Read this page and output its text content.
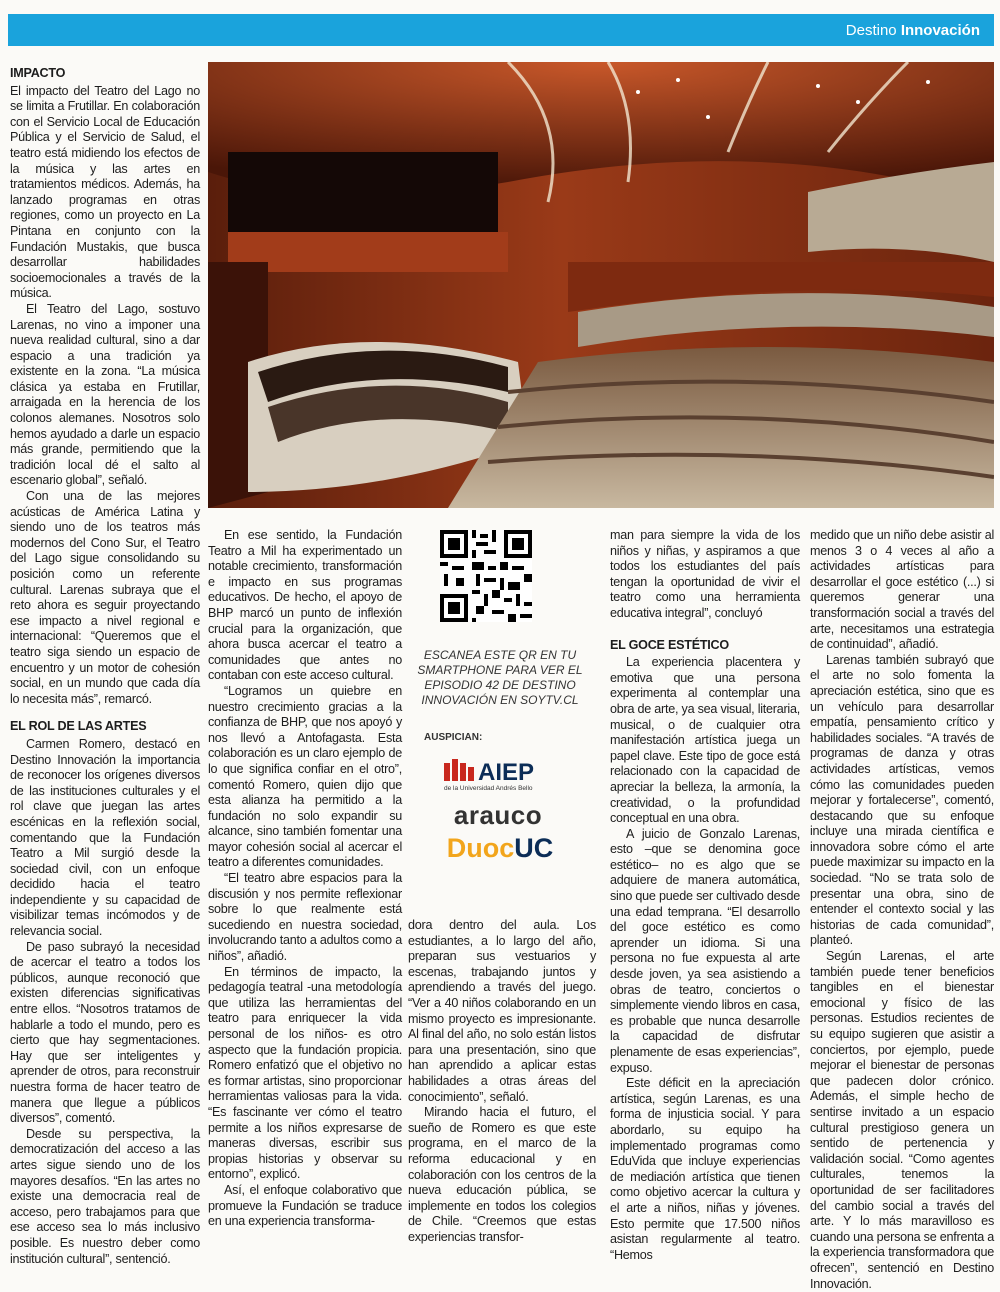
Destino Innovación
IMPACTO

El impacto del Teatro del Lago no se limita a Frutillar. En colaboración con el Servicio Local de Educación Pública y el Servicio de Salud, el teatro está midiendo los efectos de la música y las artes en tratamientos médicos. Además, ha lanzado programas en otras regiones, como un proyecto en La Pintana en conjunto con la Fundación Mustakis, que busca desarrollar habilidades socioemocionales a través de la música.

El Teatro del Lago, sostuvo Larenas, no vino a imponer una nueva realidad cultural, sino a dar espacio a una tradición ya existente en la zona. “La música clásica ya estaba en Frutillar, arraigada en la herencia de los colonos alemanes. Nosotros solo hemos ayudado a darle un espacio más grande, permitiendo que la tradición local dé el salto al escenario global”, señaló.

Con una de las mejores acústicas de América Latina y siendo uno de los teatros más modernos del Cono Sur, el Teatro del Lago sigue consolidando su posición como un referente cultural. Larenas subraya que el reto ahora es seguir proyectando ese impacto a nivel regional e internacional: “Queremos que el teatro siga siendo un espacio de encuentro y un motor de cohesión social, en un mundo que cada día lo necesita más”, remarcó.

EL ROL DE LAS ARTES

Carmen Romero, destacó en Destino Innovación la importancia de reconocer los orígenes diversos de las instituciones culturales y el rol clave que juegan las artes escénicas en la reflexión social, comentando que la Fundación Teatro a Mil surgió desde la sociedad civil, con un enfoque decidido hacia el teatro independiente y su capacidad de visibilizar temas incómodos y de relevancia social.

De paso subrayó la necesidad de acercar el teatro a todos los públicos, aunque reconoció que existen diferencias significativas entre ellos. “Nosotros tratamos de hablarle a todo el mundo, pero es cierto que hay segmentaciones. Hay que ser inteligentes y aprender de otros, para reconstruir nuestra forma de hacer teatro de manera que llegue a públicos diversos”, comentó.

Desde su perspectiva, la democratización del acceso a las artes sigue siendo uno de los mayores desafíos. “En las artes no existe una democracia real de acceso, pero trabajamos para que ese acceso sea lo más inclusivo posible. Es nuestro deber como institución cultural”, sentenció.

En ese sentido, la Fundación Teatro a Mil ha experimentado un notable crecimiento, transformación e impacto en sus programas educativos. De hecho, el apoyo de BHP marcó un punto de inflexión crucial para la organización, que ahora busca acercar el teatro a comunidades que antes no contaban con este acceso cultural.

“Logramos un quiebre en nuestro crecimiento gracias a la confianza de BHP, que nos apoyó y nos llevó a Antofagasta. Esta colaboración es un claro ejemplo de lo que significa confiar en el otro”, comentó Romero, quien dijo que esta alianza ha permitido a la fundación no solo expandir su alcance, sino también fomentar una mayor cohesión social al acercar el teatro a diferentes comunidades.

“El teatro abre espacios para la discusión y nos permite reflexionar sobre lo que realmente está sucediendo en nuestra sociedad, involucrando tanto a adultos como a niños”, añadió.

En términos de impacto, la pedagogía teatral -una metodología que utiliza las herramientas del teatro para enriquecer la vida personal de los niños- es otro aspecto que la fundación propicia. Romero enfatizó que el objetivo no es formar artistas, sino proporcionar herramientas valiosas para la vida. “Es fascinante ver cómo el teatro permite a los niños expresarse de maneras diversas, escribir sus propias historias y observar su entorno”, explicó.

Así, el enfoque colaborativo que promueve la Fundación se traduce en una experiencia transforma-

ESCANEA ESTE QR EN TU SMARTPHONE PARA VER EL EPISODIO 42 DE DESTINO INNOVACIÓN EN SOYTV.CL
AUSPICIAN:
AIEP
de la Universidad Andrés Bello
arauco
DuocUC

dora dentro del aula. Los estudiantes, a lo largo del año, preparan sus vestuarios y escenas, trabajando juntos y aprendiendo a través del juego. “Ver a 40 niños colaborando en un mismo proyecto es impresionante. Al final del año, no solo están listos para una presentación, sino que han aprendido a aplicar estas habilidades a otras áreas del conocimiento”, señaló.

Mirando hacia el futuro, el sueño de Romero es que este programa, en el marco de la reforma educacional y en colaboración con los centros de la nueva educación pública, se implemente en todos los colegios de Chile. “Creemos que estas experiencias transfor-

man para siempre la vida de los niños y niñas, y aspiramos a que todos los estudiantes del país tengan la oportunidad de vivir el teatro como una herramienta educativa integral”, concluyó

EL GOCE ESTÉTICO

La experiencia placentera y emotiva que una persona experimenta al contemplar una obra de arte, ya sea visual, literaria, musical, o de cualquier otra manifestación artística juega un papel clave. Este tipo de goce está relacionado con la capacidad de apreciar la belleza, la armonía, la creatividad, o la profundidad conceptual en una obra.

A juicio de Gonzalo Larenas, esto –que se denomina goce estético– no es algo que se adquiere de manera automática, sino que puede ser cultivado desde una edad temprana. “El desarrollo del goce estético es como aprender un idioma. Si una persona no fue expuesta al arte desde joven, ya sea asistiendo a obras de teatro, conciertos o simplemente viendo libros en casa, es probable que nunca desarrolle la capacidad de disfrutar plenamente de esas experiencias”, expuso.

Este déficit en la apreciación artística, según Larenas, es una forma de injusticia social. Y para abordarlo, su equipo ha implementado programas como EduVida que incluye experiencias de mediación artística que tienen como objetivo acercar la cultura y el arte a niños, niñas y jóvenes. Esto permite que 17.500 niños asistan regularmente al teatro. “Hemos

medido que un niño debe asistir al menos 3 o 4 veces al año a actividades artísticas para desarrollar el goce estético (...) si queremos generar una transformación social a través del arte, necesitamos una estrategia de continuidad”, añadió.

Larenas también subrayó que el arte no solo fomenta la apreciación estética, sino que es un vehículo para desarrollar empatía, pensamiento crítico y habilidades sociales. “A través de programas de danza y otras actividades artísticas, vemos cómo las comunidades pueden mejorar y fortalecerse”, comentó, destacando que su enfoque incluye una mirada científica e innovadora sobre cómo el arte puede maximizar su impacto en la sociedad. “No se trata solo de presentar una obra, sino de entender el contexto social y las historias de cada comunidad”, planteó.

Según Larenas, el arte también puede tener beneficios tangibles en el bienestar emocional y físico de las personas. Estudios recientes de su equipo sugieren que asistir a conciertos, por ejemplo, puede mejorar el bienestar de personas que padecen dolor crónico. Además, el simple hecho de sentirse invitado a un espacio cultural prestigioso genera un sentido de pertenencia y validación social. “Como agentes culturales, tenemos la oportunidad de ser facilitadores del cambio social a través del arte. Y lo más maravilloso es cuando una persona se enfrenta a la experiencia transformadora que ofrecen”, sentenció en Destino Innovación.
